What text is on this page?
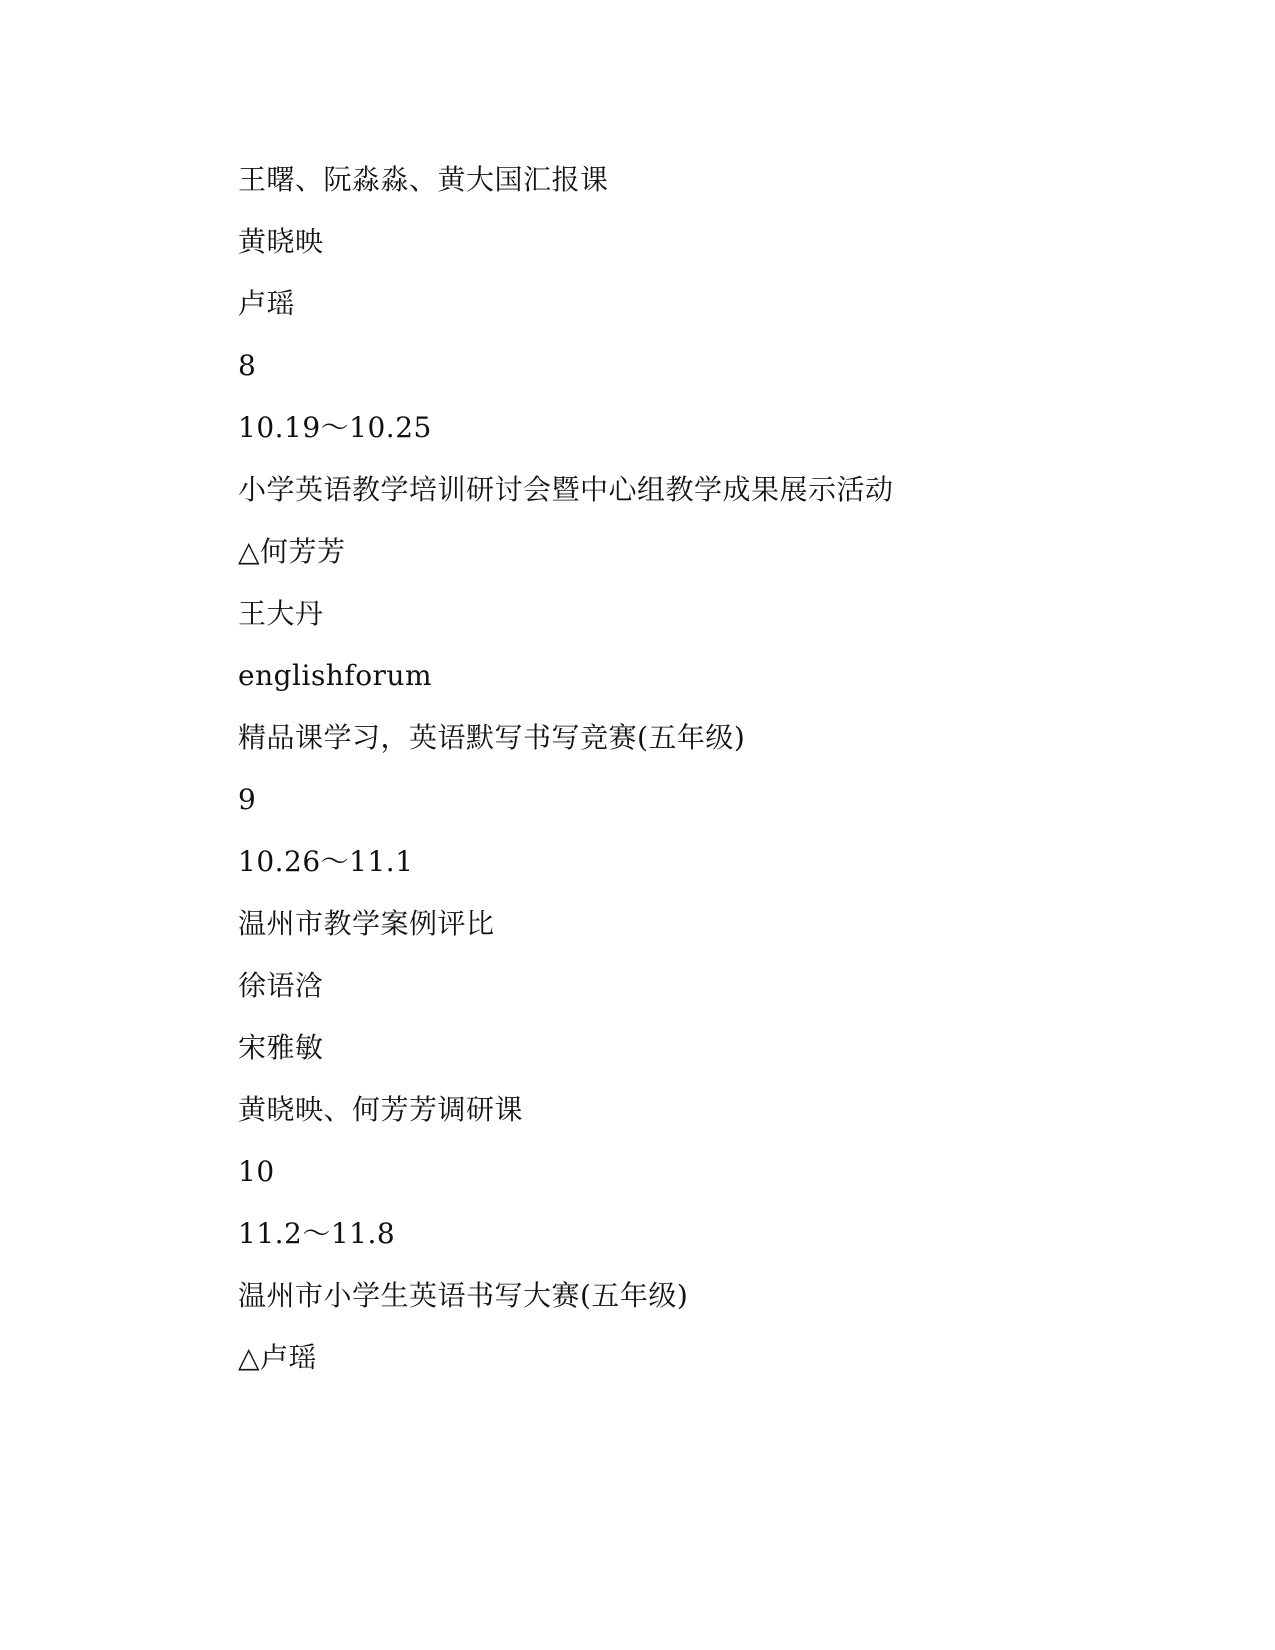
王曙、阮淼淼、黄大国汇报课
黄晓映
卢瑶
8
10.19～10.25
小学英语教学培训研讨会暨中心组教学成果展示活动
△何芳芳
王大丹
englishforum
精品课学习，英语默写书写竞赛(五年级)
9
10.26～11.1
温州市教学案例评比
徐语浛
宋雅敏
黄晓映、何芳芳调研课
10
11.2～11.8
温州市小学生英语书写大赛(五年级)
△卢瑶
